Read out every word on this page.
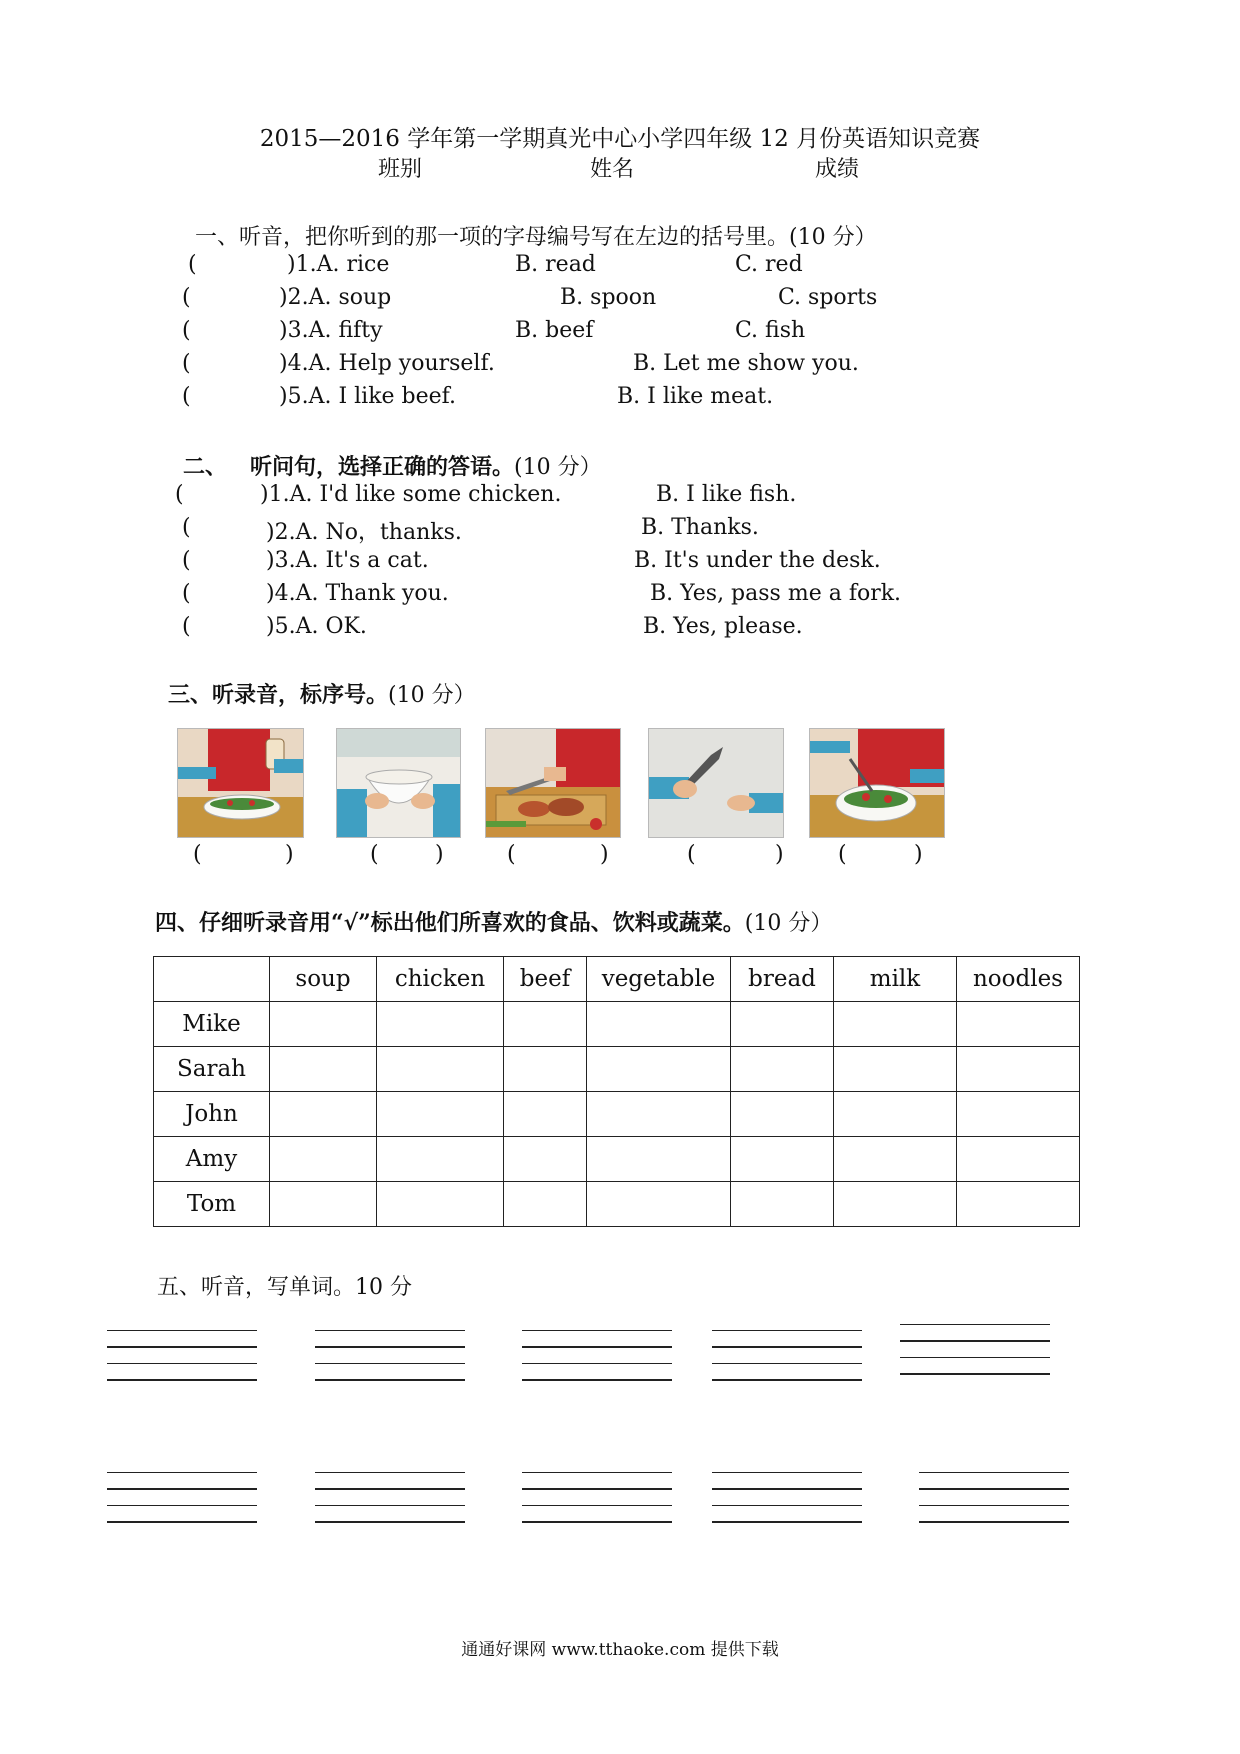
2015—2016 学年第一学期真光中心小学四年级 12 月份英语知识竞赛
班别	姓名	成绩
一、听音，把你听到的那一项的字母编号写在左边的括号里。(10 分）
(	)1.A. rice	B. read	C. red
(	)2.A. soup	B. spoon	C. sports
(	)3.A. fifty	B. beef	C. fish
(	)4.A. Help yourself.	B. Let me show you.
(	)5.A. I like beef.	B. I like meat.
二、 听问句，选择正确的答语。(10 分）
(	)1.A. I'd like some chicken.	B. I like fish.
(	)2.A. No，thanks.	B. Thanks.
(	)3.A. It's a cat.	B. It's under the desk.
(	)4.A. Thank you.	B. Yes, pass me a fork.
(	)5.A. OK.	B. Yes, please.
三、听录音，标序号。(10 分）
(	)	(	)	(	)	(	) (	)
四、仔细听录音用“√”标出他们所喜欢的食品、饮料或蔬菜。(10 分）
	soup	chicken	beef	vegetable	bread	milk	noodles
Mike							
Sarah							
John							
Amy							
Tom							
五、听音，写单词。10 分
通通好课网 www.tthaoke.com 提供下载
